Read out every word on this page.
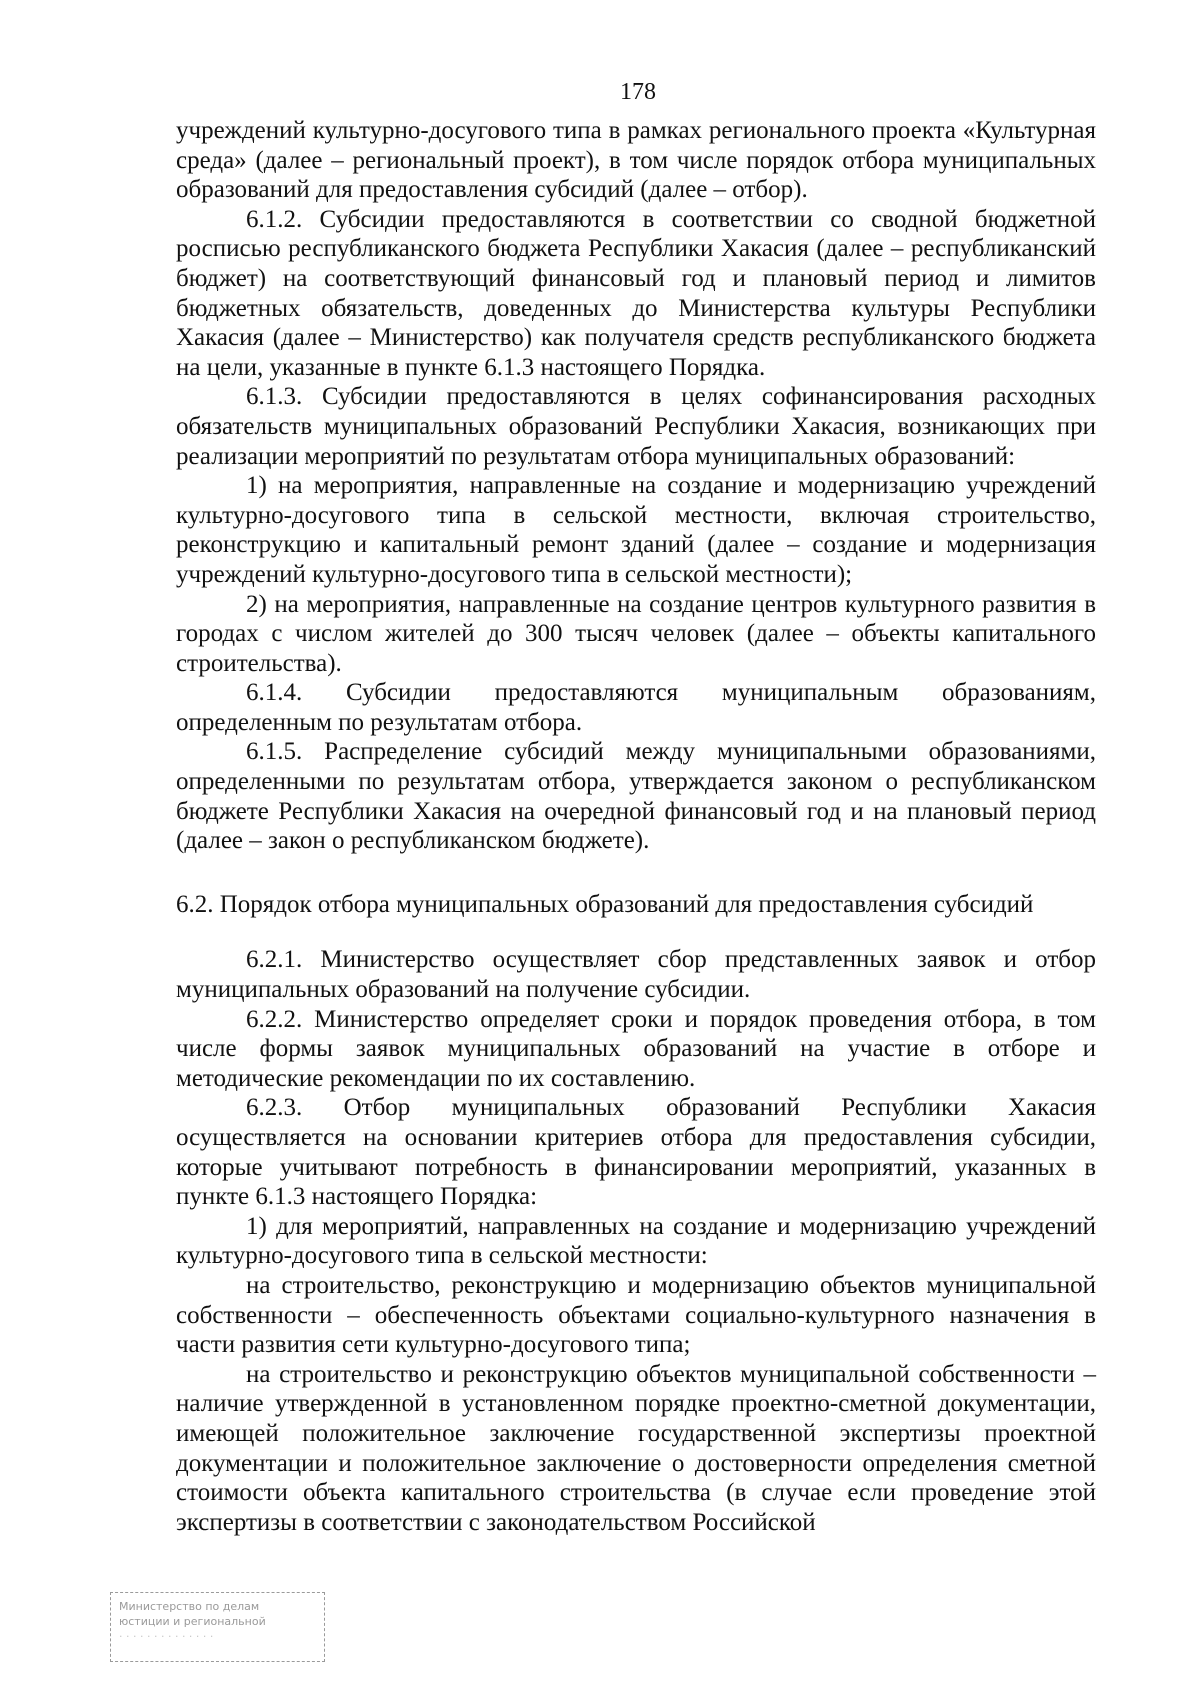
178

учреждений культурно-досугового типа в рамках регионального проекта «Культурная среда» (далее – региональный проект), в том числе порядок отбора муниципальных образований для предоставления субсидий (далее – отбор).

6.1.2. Субсидии предоставляются в соответствии со сводной бюджетной росписью республиканского бюджета Республики Хакасия (далее – республиканский бюджет) на соответствующий финансовый год и плановый период и лимитов бюджетных обязательств, доведенных до Министерства культуры Республики Хакасия (далее – Министерство) как получателя средств республиканского бюджета на цели, указанные в пункте 6.1.3 настоящего Порядка.

6.1.3. Субсидии предоставляются в целях софинансирования расходных обязательств муниципальных образований Республики Хакасия, возникающих при реализации мероприятий по результатам отбора муниципальных образований:

1) на мероприятия, направленные на создание и модернизацию учреждений культурно-досугового типа в сельской местности, включая строительство, реконструкцию и капитальный ремонт зданий (далее – создание и модернизация учреждений культурно-досугового типа в сельской местности);

2) на мероприятия, направленные на создание центров культурного развития в городах с числом жителей до 300 тысяч человек (далее – объекты капитального строительства).

6.1.4. Субсидии предоставляются муниципальным образованиям, определенным по результатам отбора.

6.1.5. Распределение субсидий между муниципальными образованиями, определенными по результатам отбора, утверждается законом о республиканском бюджете Республики Хакасия на очередной финансовый год и на плановый период (далее – закон о республиканском бюджете).

6.2. Порядок отбора муниципальных образований для предоставления субсидий

6.2.1. Министерство осуществляет сбор представленных заявок и отбор муниципальных образований на получение субсидии.

6.2.2. Министерство определяет сроки и порядок проведения отбора, в том числе формы заявок муниципальных образований на участие в отборе и методические рекомендации по их составлению.

6.2.3. Отбор муниципальных образований Республики Хакасия осуществляется на основании критериев отбора для предоставления субсидии, которые учитывают потребность в финансировании мероприятий, указанных в пункте 6.1.3 настоящего Порядка:

1) для мероприятий, направленных на создание и модернизацию учреждений культурно-досугового типа в сельской местности:

на строительство, реконструкцию и модернизацию объектов муниципальной собственности – обеспеченность объектами социально-культурного назначения в части развития сети культурно-досугового типа;

на строительство и реконструкцию объектов муниципальной собственности – наличие утвержденной в установленном порядке проектно-сметной документации, имеющей положительное заключение государственной экспертизы проектной документации и положительное заключение о достоверности определения сметной стоимости объекта капитального строительства (в случае если проведение этой экспертизы в соответствии с законодательством Российской

Министерство по делам
юстиции и региональной
· · · · · · · · · · · · · ·
